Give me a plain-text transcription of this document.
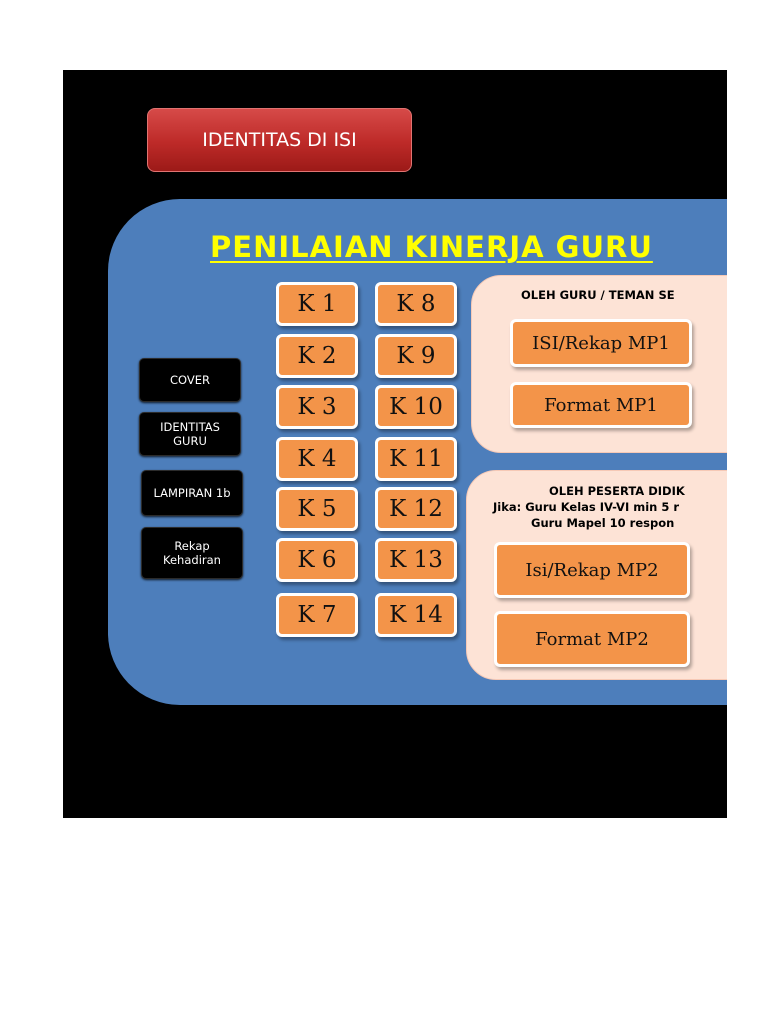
IDENTITAS DI ISI
PENILAIAN KINERJA GURU
K 1
K 2
K 3
K 4
K 5
K 6
K 7
K 8
K 9
K 10
K 11
K 12
K 13
K 14
COVER
IDENTITAS
GURU
LAMPIRAN 1b
Rekap
Kehadiran
OLEH GURU / TEMAN SE
ISI/Rekap MP1
Format MP1
OLEH PESERTA DIDIK
Jika: Guru Kelas IV-VI min 5 r
Guru Mapel 10 respon
Isi/Rekap MP2
Format MP2
